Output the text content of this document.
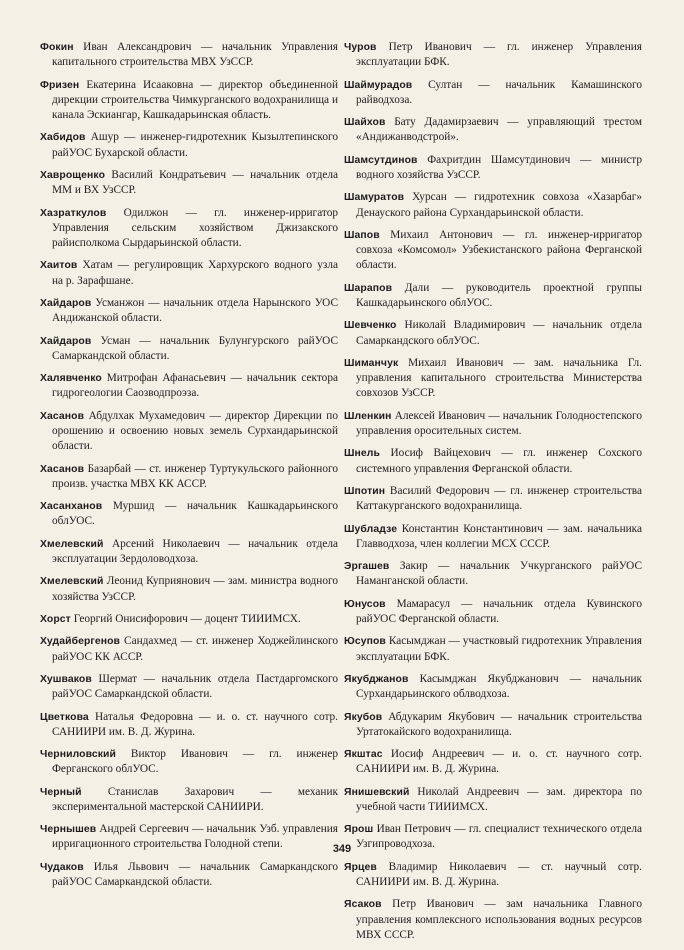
Фокин Иван Александрович — начальник Управления капитального строительства МВХ УзССР.

Фризен Екатерина Исааковна — директор объединенной дирекции строительства Чимкурганского водохранилища и канала Эскиангар, Кашкадарьинская область.

Хабидов Ашур — инженер-гидротехник Кызылтепинского райУОС Бухарской области.

Хаврощенко Василий Кондратьевич — начальник отдела ММ и ВХ УзССР.

Хазраткулов Одилжон — гл. инженер-ирригатор Управления сельским хозяйством Джизакского райисполкома Сырдарьинской области.

Хаитов Хатам — регулировщик Хархурского водного узла на р. Зарафшане.

Хайдаров Усманжон — начальник отдела Нарынского УОС Андижанской области.

Хайдаров Усман — начальник Булунгурского райУОС Самаркандской области.

Халявченко Митрофан Афанасьевич — начальник сектора гидрогеологии Саозводпроэза.

Хасанов Абдулхак Мухамедович — директор Дирекции по орошению и освоению новых земель Сурхандарьинской области.

Хасанов Базарбай — ст. инженер Туртукульского районного произв. участка МВХ КК АССР.

Хасанханов Муршид — начальник Кашкадарьинского облУОС.

Хмелевский Арсений Николаевич — начальник отдела эксплуатации Зердоловодхоза.

Хмелевский Леонид Куприянович — зам. министра водного хозяйства УзССР.

Хорст Георгий Онисифорович — доцент ТИИИМСХ.

Худайбергенов Сандахмед — ст. инженер Ходжейлинского райУОС КК АССР.

Хушваков Шермат — начальник отдела Пастдаргомского райУОС Самаркандской области.

Цветкова Наталья Федоровна — и. о. ст. научного сотр. САНИИРИ им. В. Д. Журина.

Черниловский Виктор Иванович — гл. инженер Ферганского облУОС.

Черный Станислав Захарович — механик экспериментальной мастерской САНИИРИ.

Чернышев Андрей Сергеевич — начальник Узб. управления ирригационного строительства Голодной степи.

Чудаков Илья Львович — начальник Самаркандского райУОС Самаркандской области.

Чуров Петр Иванович — гл. инженер Управления эксплуатации БФК.

Шаймурадов Султан — начальник Камашинского райводхоза.

Шайхов Бату Дадамирзаевич — управляющий трестом «Андижанводстрой».

Шамсутдинов Фахритдин Шамсутдинович — министр водного хозяйства УзССР.

Шамуратов Хурсан — гидротехник совхоза «Хазарбаг» Денауского района Сурхандарьинской области.

Шапов Михаил Антонович — гл. инженер-ирригатор совхоза «Комсомол» Узбекистанского района Ферганской области.

Шарапов Дали — руководитель проектной группы Кашкадарьинского облУОС.

Шевченко Николай Владимирович — начальник отдела Самаркандского облУОС.

Шиманчук Михаил Иванович — зам. начальника Гл. управления капитального строительства Министерства совхозов УзССР.

Шленкин Алексей Иванович — начальник Голодностепского управления оросительных систем.

Шнель Иосиф Вайцехович — гл. инженер Сохского системного управления Ферганской области.

Шпотин Василий Федорович — гл. инженер строительства Каттакурганского водохранилища.

Шубладзе Константин Константинович — зам. начальника Главводхоза, член коллегии МСХ СССР.

Эргашев Закир — начальник Учкурганского райУОС Наманганской области.

Юнусов Мамарасул — начальник отдела Кувинского райУОС Ферганской области.

Юсупов Касымджан — участковый гидротехник Управления эксплуатации БФК.

Якубджанов Касымджан Якубджанович — начальник Сурхандарьинского облводхоза.

Якубов Абдукарим Якубович — начальник строительства Уртатокайского водохранилища.

Якштас Иосиф Андреевич — и. о. ст. научного сотр. САНИИРИ им. В. Д. Журина.

Янишевский Николай Андреевич — зам. директора по учебной части ТИИИМСХ.

Ярош Иван Петрович — гл. специалист технического отдела Узгипроводхоза.

Ярцев Владимир Николаевич — ст. научный сотр. САНИИРИ им. В. Д. Журина.

Ясаков Петр Иванович — зам начальника Главного управления комплексного использования водных ресурсов МВХ СССР.

349
